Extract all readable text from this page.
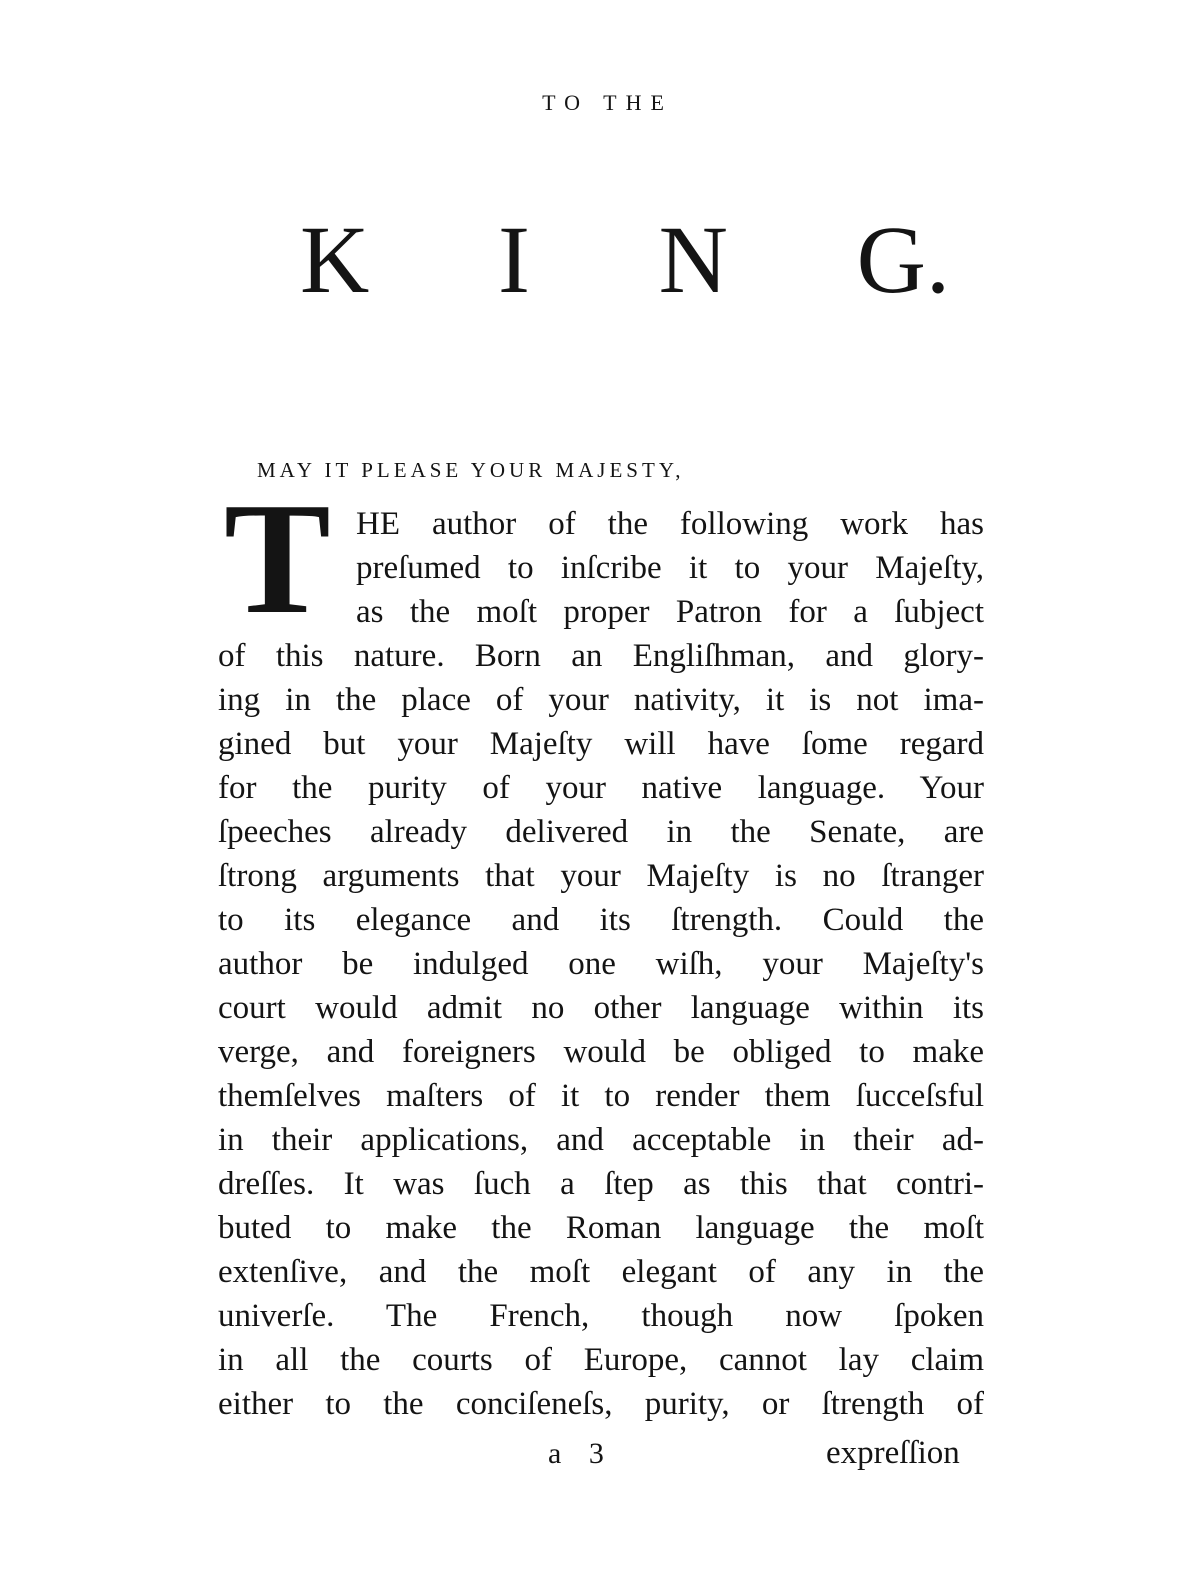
TO THE
K I N G.
MAY IT PLEASE YOUR MAJESTY,
T HE author of the following work has
preſumed to inſcribe it to your Majeſty,
as the moſt proper Patron for a ſubject
of this nature. Born an Engliſhman, and glory-
ing in the place of your nativity, it is not ima-
gined but your Majeſty will have ſome regard
for the purity of your native language. Your
ſpeeches already delivered in the Senate, are
ſtrong arguments that your Majeſty is no ſtranger
to its elegance and its ſtrength. Could the
author be indulged one wiſh, your Majeſty's
court would admit no other language within its
verge, and foreigners would be obliged to make
themſelves maſters of it to render them ſucceſsful
in their applications, and acceptable in their ad-
dreſſes. It was ſuch a ſtep as this that contri-
buted to make the Roman language the moſt
extenſive, and the moſt elegant of any in the
univerſe. The French, though now ſpoken
in all the courts of Europe, cannot lay claim
either to the conciſeneſs, purity, or ſtrength of
a 3	expreſſion
